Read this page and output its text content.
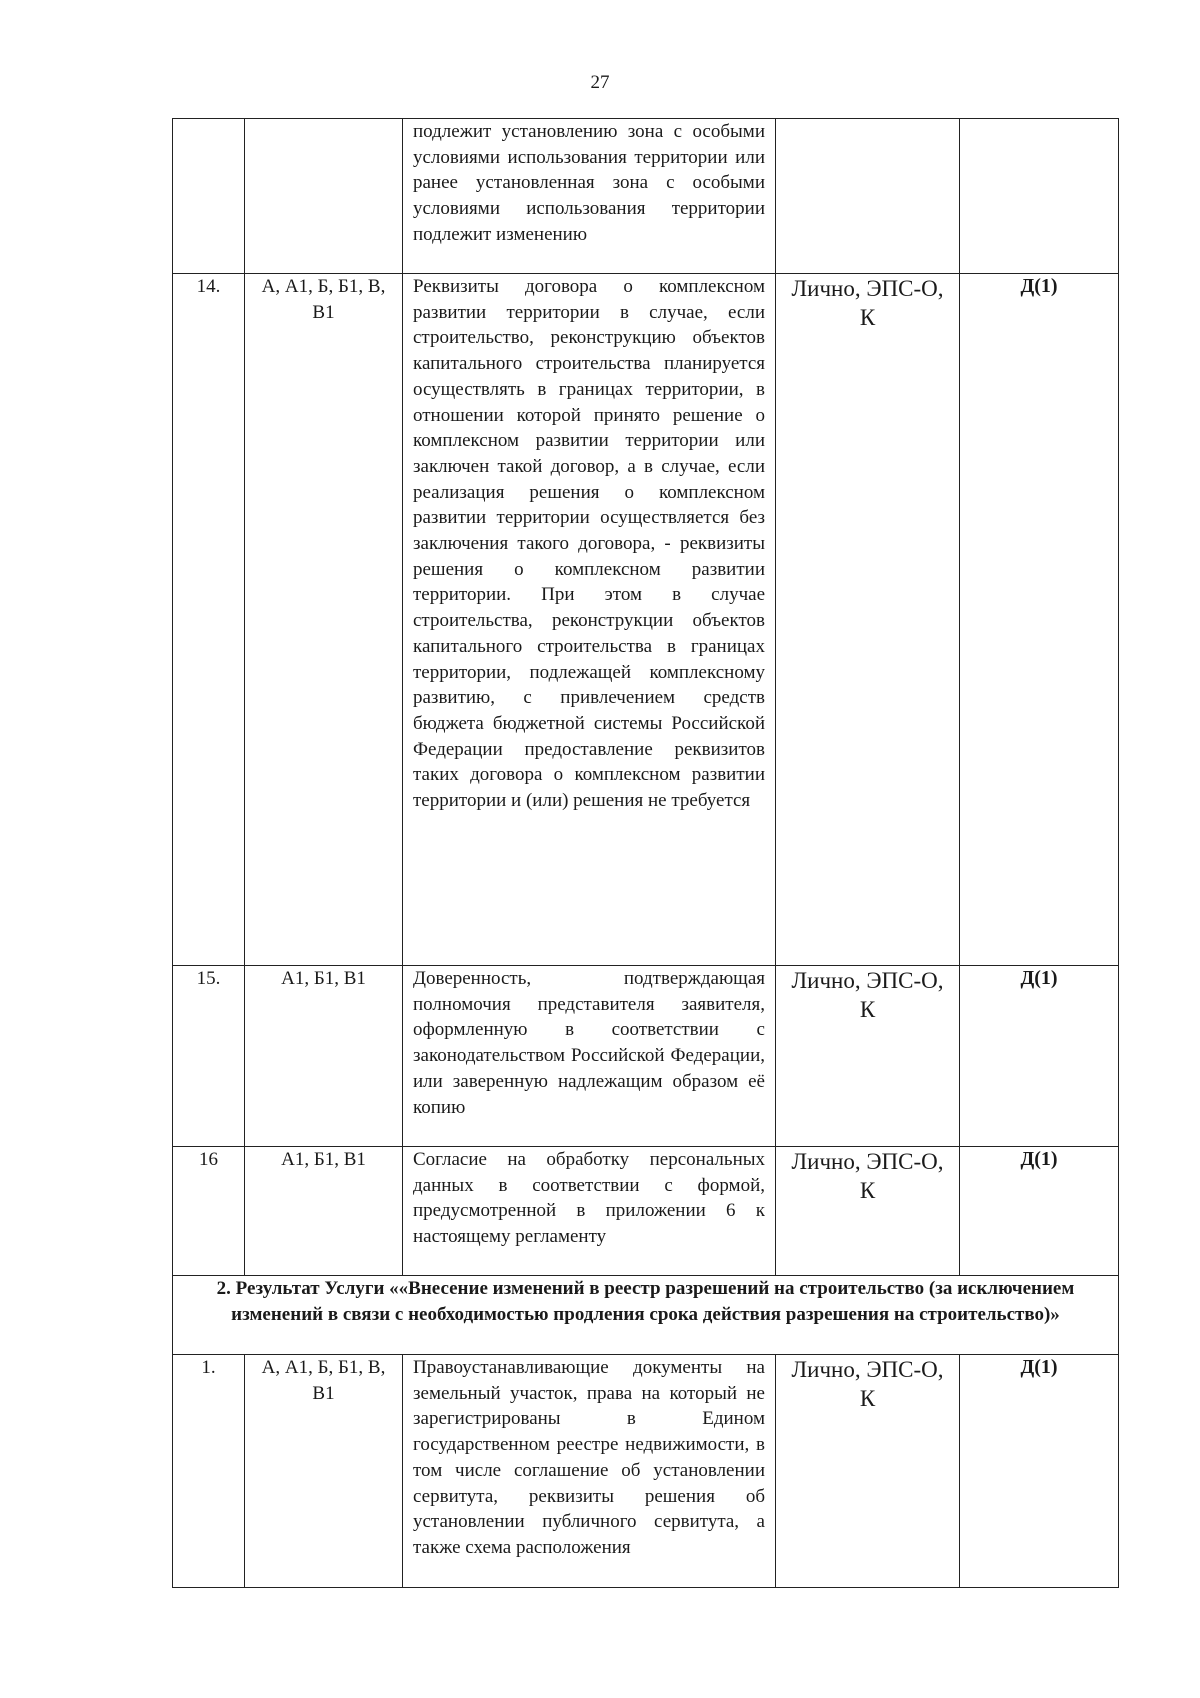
27
		подлежит установлению зона с особыми условиями использования территории или ранее установленная зона с особыми условиями использования территории подлежит изменению		
14.	А, А1, Б, Б1, В, В1	Реквизиты договора о комплексном развитии территории в случае, если строительство, реконструкцию объектов капитального строительства планируется осуществлять в границах территории, в отношении которой принято решение о комплексном развитии территории или заключен такой договор, а в случае, если реализация решения о комплексном развитии территории осуществляется без заключения такого договора, - реквизиты решения о комплексном развитии территории. При этом в случае строительства, реконструкции объектов капитального строительства в границах территории, подлежащей комплексному развитию, с привлечением средств бюджета бюджетной системы Российской Федерации предоставление реквизитов таких договора о комплексном развитии территории и (или) решения не требуется	Лично, ЭПС-О, К	Д(1)
15.	А1, Б1, В1	Доверенность, подтверждающая полномочия представителя заявителя, оформленную в соответствии с законодательством Российской Федерации, или заверенную надлежащим образом её копию	Лично, ЭПС-О, К	Д(1)
16	А1, Б1, В1	Согласие на обработку персональных данных в соответствии с формой, предусмотренной в приложении 6 к настоящему регламенту	Лично, ЭПС-О, К	Д(1)
2. Результат Услуги ««Внесение изменений в реестр разрешений на строительство (за исключением изменений в связи с необходимостью продления срока действия разрешения на строительство)»				
1.	А, А1, Б, Б1, В, В1	Правоустанавливающие документы на земельный участок, права на который не зарегистрированы в Едином государственном реестре недвижимости, в том числе соглашение об установлении сервитута, реквизиты решения об установлении публичного сервитута, а также схема расположения	Лично, ЭПС-О, К	Д(1)
